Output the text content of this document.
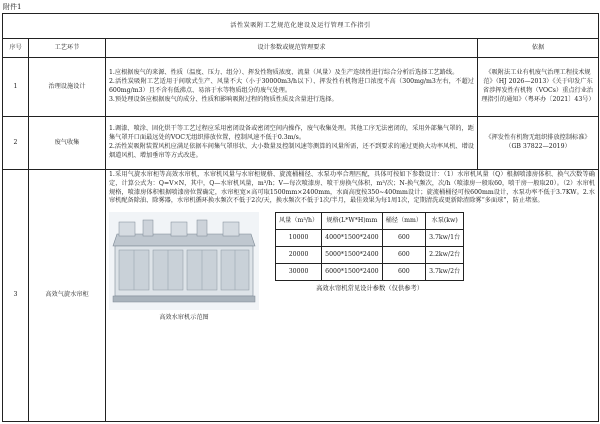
附件1
活性炭吸附工艺规范化建设及运行管理工作指引
序号	工艺环节	设计参数或规范管理要求	依据
1	治理设施设计	

1.应根据废气的来源、性质（温度、压力、组分）、挥发性物质浓度、流量（风量）及生产连续性进行综合分析后选择工艺路线。

2.活性炭吸附工艺适用于间歇式生产、风量不大（小于30000m3/h以下）、挥发性有机物进口浓度不高（300mg/m3左右，不超过600mg/m3）且不含有低沸点、易溶于水等物质组分的废气处理。

3.预处理设备应根据废气的成分、性质和影响吸附过程的物质性质及含量进行选择。

	《吸附法工业有机废气治理工程技术规范》（HJ 2026—2013）《关于印发广东省涉挥发性有机物（VOCs）重点行业治理指引的通知》（粤环办〔2021〕43号）
2	废气收集	

1.调漆、喷涂、固化烘干等工艺过程应采用密闭设备或密闭空间内操作，废气收集处理。其他工序无法密闭的，采用外部集气罩的，距集气罩开口面最远处的VOC无组织排放位置，控制风速不低于0.3m/s。

2.活性炭吸附装置风机应满足依据车间集气罩形状、大小数量及控制风速等测算的风量所需，还不到要求的通过更换大功率风机、增设烟道风机、增加垂帘等方式改进。

	《挥发性有机物无组织排放控制标准》（GB 37822—2019）
3	高效气旋水帘柜	

1.采用气旋水帘柜等高效水帘机，水帘机风量与水帘柜规格、旋流桶桶径、水泵功率合理匹配，具体可按如下参数设计：（1）水帘机风量（Q）根据喷漆房体积、换气次数等确定，计算公式为：Q=V×N，其中，Q—水帘机风量，m³/h；V—每次喷漆房、喷干房换气体积，m³/次；N-换气频次，次/h（喷漆房一般取60，喷干房一般取20）。（2）水帘机规格，喷漆房体积根据喷漆房位置确定，水帘柜宽×高可取1500mm×2400mm，水面高度按350~400mm设计；旋流桶桶径可按600mm设计，水泵功率不低于3.7KW。2.水帘机配备除油、除雾器，水帘机循环换水频次不低于2次/天，换水频次不低于1次/半月，最佳效果为每1周1次，定期清洗或更新除渣除雾“多面球”，防止堵塞。

高效水帘机示范图
风量（m³/h）	规格(L*W*H)mm	桶径（mm）	水泵(kw)
10000	4000*1500*2400	600	3.7kw/1台
20000	5000*1500*2400	600	2.2kw/2台
30000	6000*1500*2400	600	3.7kw/2台
高效水帘机常见设计参数（仅供参考）
